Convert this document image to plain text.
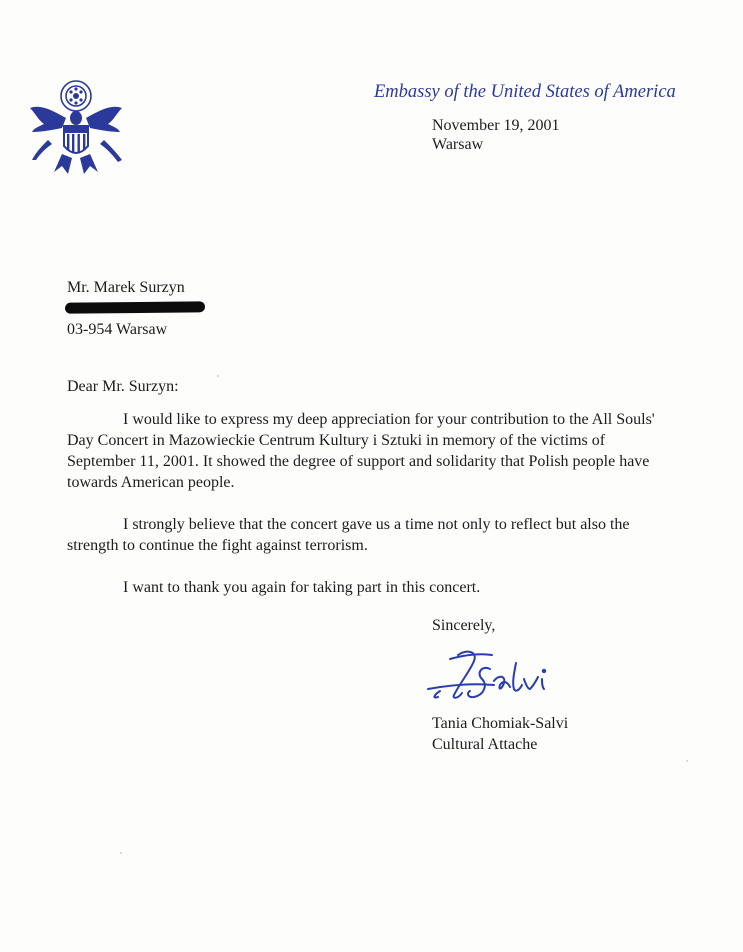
Embassy of the United States of America
November 19, 2001
Warsaw
Mr. Marek Surzyn
03-954 Warsaw

Dear Mr. Surzyn:

I would like to express my deep appreciation for your contribution to the All Souls' Day Concert in Mazowieckie Centrum Kultury i Sztuki in memory of the victims of September 11, 2001. It showed the degree of support and solidarity that Polish people have towards American people.

I strongly believe that the concert gave us a time not only to reflect but also the strength to continue the fight against terrorism.

I want to thank you again for taking part in this concert.

Sincerely,
Tania Chomiak-Salvi
Cultural Attache
